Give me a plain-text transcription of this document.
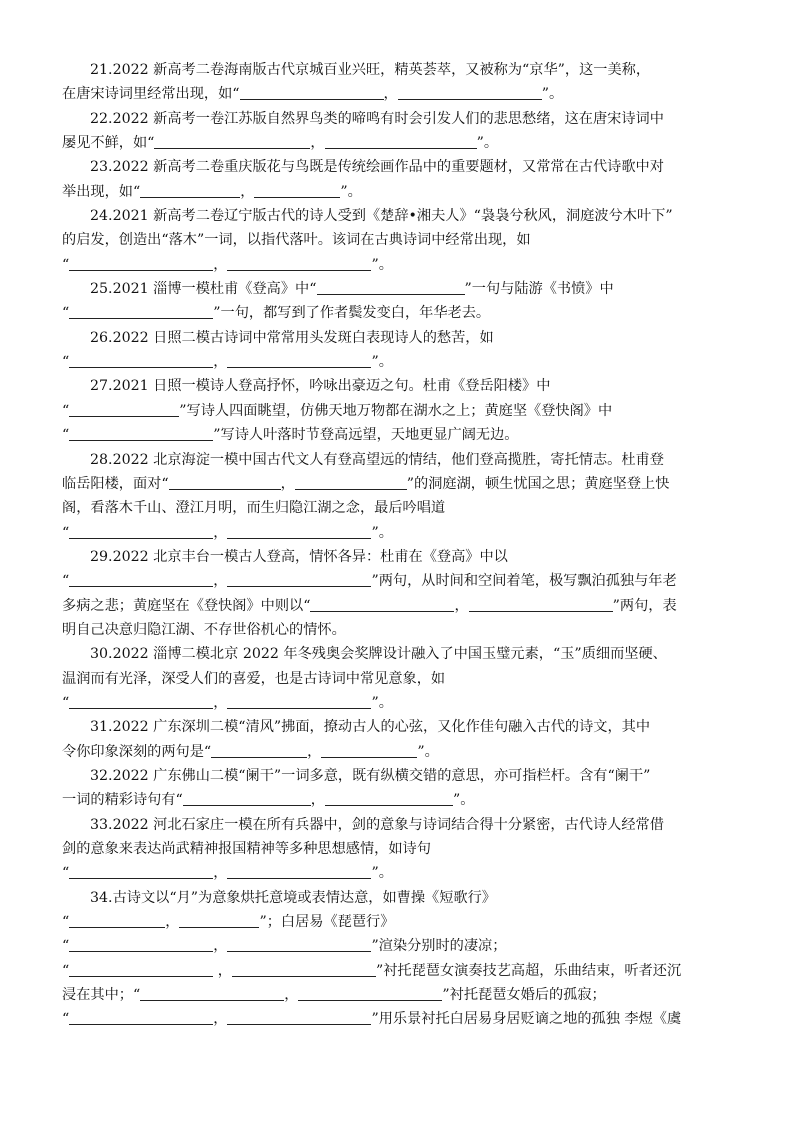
21.2022 新高考二卷海南版古代京城百业兴旺，精英荟萃，又被称为“京华”，这一美称，
在唐宋诗词里经常出现，如“	，	”。
22.2022 新高考一卷江苏版自然界鸟类的啼鸣有时会引发人们的悲思愁绪，这在唐宋诗词中
屡见不鲜，如“	，	”。
23.2022 新高考二卷重庆版花与鸟既是传统绘画作品中的重要题材，又常常在古代诗歌中对
举出现，如“	，	”。
24.2021 新高考二卷辽宁版古代的诗人受到《楚辞•湘夫人》“袅袅兮秋风，洞庭波兮木叶下”
的启发，创造出“落木”一词，以指代落叶。该词在古典诗词中经常出现，如
“	，	”。
25.2021 淄博一模杜甫《登高》中“	”一句与陆游《书愤》中
“	”一句，都写到了作者鬓发变白，年华老去。
26.2022 日照二模古诗词中常常用头发斑白表现诗人的愁苦，如
“	，	”。
27.2021 日照一模诗人登高抒怀，吟咏出豪迈之句。杜甫《登岳阳楼》中
“	”写诗人四面眺望，仿佛天地万物都在湖水之上；黄庭坚《登快阁》中
“	”写诗人叶落时节登高远望，天地更显广阔无边。
28.2022 北京海淀一模中国古代文人有登高望远的情结，他们登高揽胜，寄托情志。杜甫登
临岳阳楼，面对“	，	”的洞庭湖，顿生忧国之思；黄庭坚登上快
阁，看落木千山、澄江月明，而生归隐江湖之念，最后吟唱道
“	，	”。
29.2022 北京丰台一模古人登高，情怀各异：杜甫在《登高》中以
“	，	”两句，从时间和空间着笔，极写飘泊孤独与年老
多病之悲；黄庭坚在《登快阁》中则以“	，	”两句，表
明自己决意归隐江湖、不存世俗机心的情怀。
30.2022 淄博二模北京 2022 年冬残奥会奖牌设计融入了中国玉璧元素，“玉”质细而坚硬、
温润而有光泽，深受人们的喜爱，也是古诗词中常见意象，如
“	，	”。
31.2022 广东深圳二模“清风”拂面，撩动古人的心弦，又化作佳句融入古代的诗文，其中
令你印象深刻的两句是“	，	”。
32.2022 广东佛山二模“阑干”一词多意，既有纵横交错的意思，亦可指栏杆。含有“阑干”
一词的精彩诗句有“	，	”。
33.2022 河北石家庄一模在所有兵器中，剑的意象与诗词结合得十分紧密，古代诗人经常借
剑的意象来表达尚武精神报国精神等多种思想感情，如诗句
“	，	”。
34.古诗文以“月”为意象烘托意境或表情达意，如曹操《短歌行》
“	，	”；白居易《琵琶行》
“	，	”渲染分别时的凄凉；
“	，	”衬托琵琶女演奏技艺高超，乐曲结束，听者还沉
浸在其中；“	，	”衬托琵琶女婚后的孤寂；
“	，	”用乐景衬托白居易身居贬谪之地的孤独 李煜《虞
